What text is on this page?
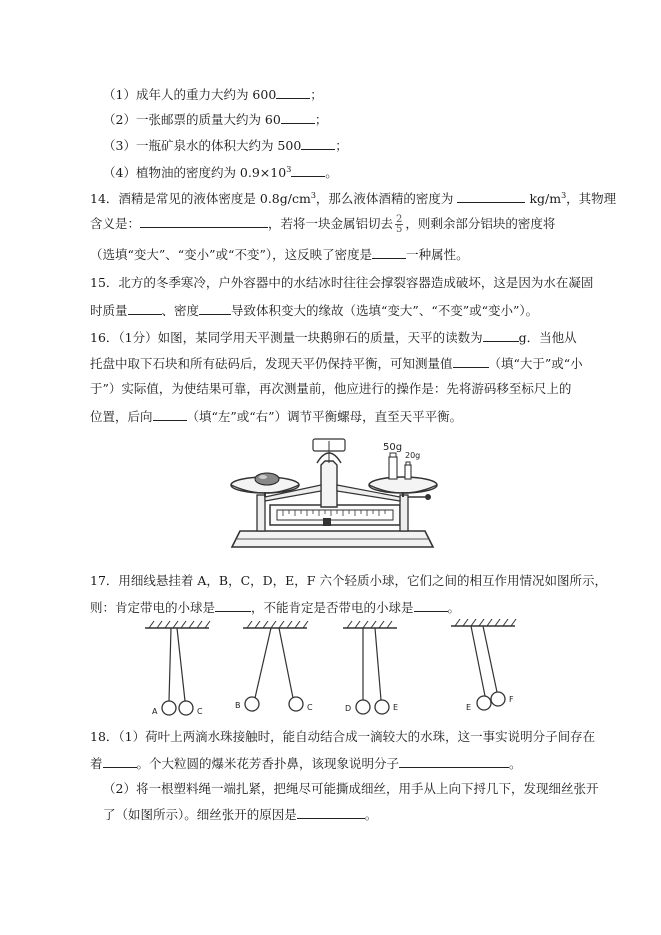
（1）成年人的重力大约为 600	；
（2）一张邮票的质量大约为 60	；
（3）一瓶矿泉水的体积大约为 500	；
（4）植物油的密度约为 $0.9\times 10^3$	。
14．酒精是常见的液体密度是 $0.8g/cm^3$，那么液体酒精的密度为	$kg/m^3$，其物理
含义是：	，若将一块金属铝切去 $\frac{2}{5}$ ，则剩余部分铝块的密度将
（选填“变大”、“变小”或“不变”），这反映了密度是	一种属性。
15．北方的冬季寒冷，户外容器中的水结冰时往往会撑裂容器造成破坏，这是因为水在凝固
时质量	、密度	导致体积变大的缘故（选填“变大”、“不变”或“变小”）。
16．（1分）如图，某同学用天平测量一块鹅卵石的质量，天平的读数为	g．当他从
托盘中取下石块和所有砝码后，发现天平仍保持平衡，可知测量值	（填“大于”或“小
于”）实际值，为使结果可靠，再次测量前，他应进行的操作是：先将游码移至标尺上的
位置，后向	（填“左”或“右”）调节平衡螺母，直至天平平衡。
50g
20g
17．用细线悬挂着 A，B，C，D，E，F 六个轻质小球，它们之间的相互作用情况如图所示，
则：肯定带电的小球是	，不能肯定是否带电的小球是	。
A	C
B	C	D	E	E
F
18．（1）荷叶上两滴水珠接触时，能自动结合成一滴较大的水珠，这一事实说明分子间存在
着	。个大粒圆的爆米花芳香扑鼻，该现象说明分子	。
（2）将一根塑料绳一端扎紧，把绳尽可能撕成细丝，用手从上向下捋几下，发现细丝张开
了（如图所示）。细丝张开的原因是	。
